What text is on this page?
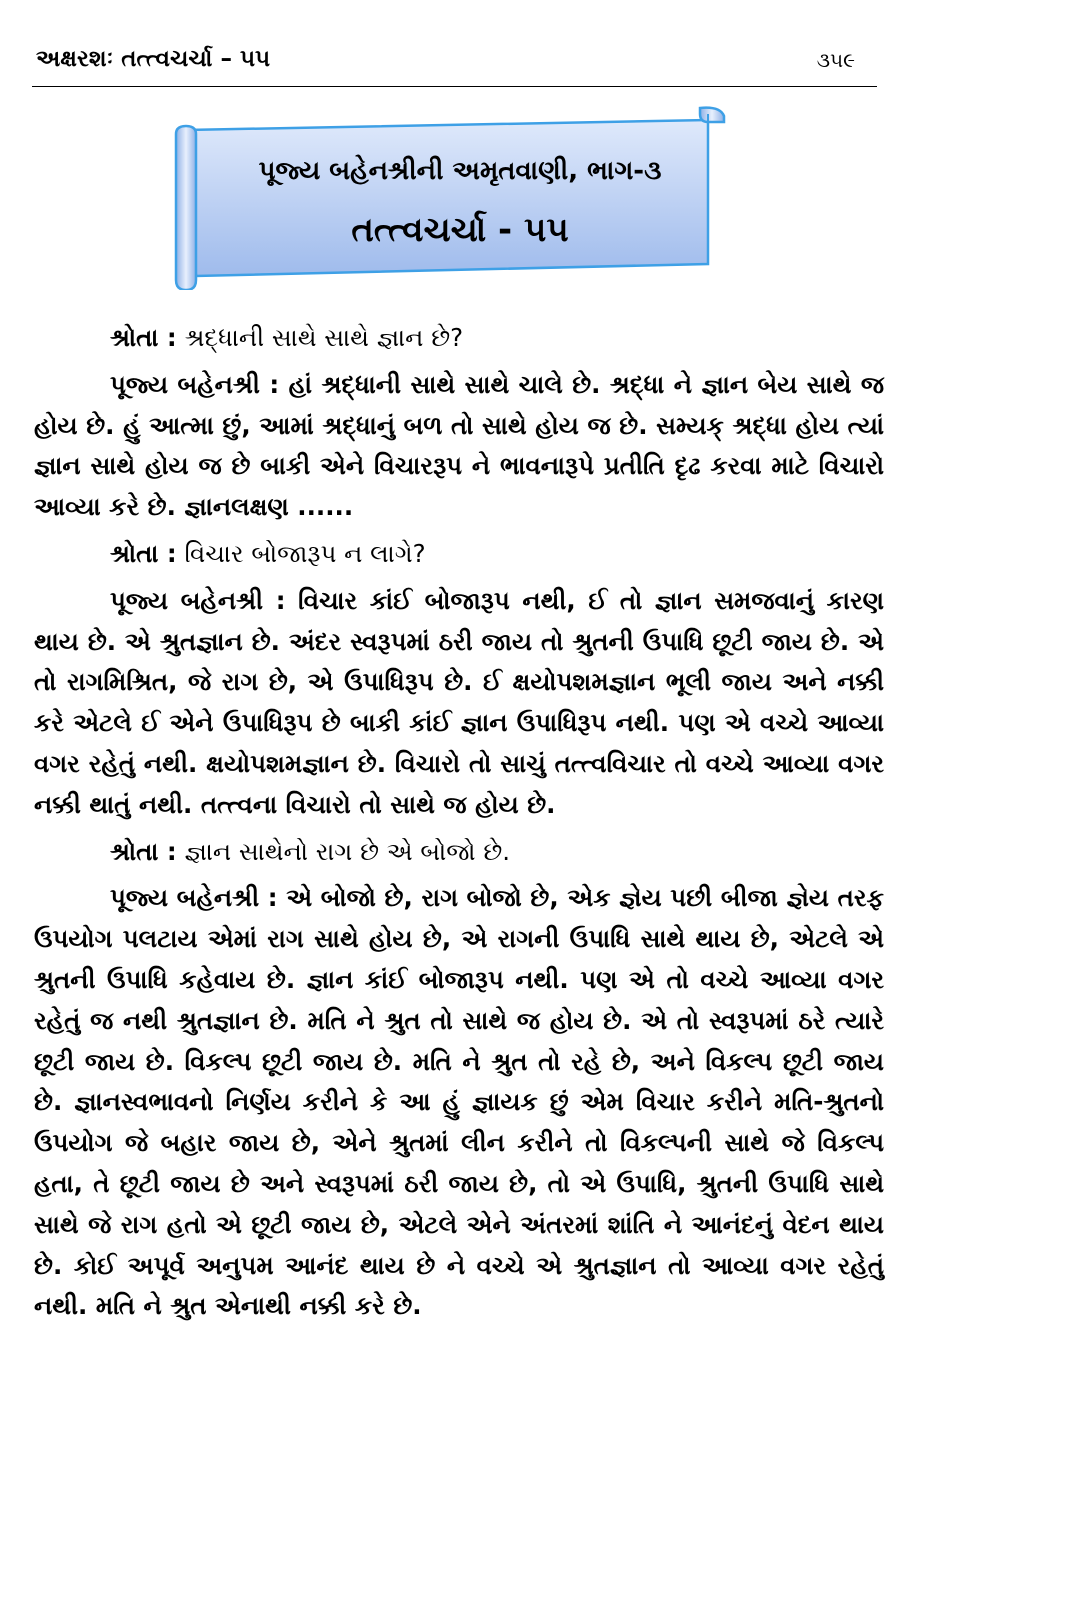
અક્ષરશઃ તત્ત્વચર્ચા – ૫૫	૩૫૯
પૂજ્ય બહેનશ્રીની અમૃતવાણી, ભાગ-૩
તત્ત્વચર્ચા - ૫૫

શ્રોતા : શ્રદ્ધાની સાથે સાથે જ્ઞાન છે?

પૂજ્ય બહેનશ્રી : હાં શ્રદ્ધાની સાથે સાથે ચાલે છે. શ્રદ્ધા ને જ્ઞાન બેય સાથે જ હોય છે. હું આત્મા છું, આમાં શ્રદ્ધાનું બળ તો સાથે હોય જ છે. સમ્યક્ શ્રદ્ધા હોય ત્યાં જ્ઞાન સાથે હોય જ છે બાકી એને વિચારરૂપ ને ભાવનારૂપે પ્રતીતિ દૃઢ કરવા માટે વિચારો આવ્યા કરે છે. જ્ઞાનલક્ષણ ......

શ્રોતા : વિચાર બોજારૂપ ન લાગે?

પૂજ્ય બહેનશ્રી : વિચાર કાંઈ બોજારૂપ નથી, ઈ તો જ્ઞાન સમજવાનું કારણ થાય છે. એ શ્રુતજ્ઞાન છે. અંદર સ્વરૂપમાં ઠરી જાય તો શ્રુતની ઉપાધિ છૂટી જાય છે. એ તો રાગમિશ્રિત, જે રાગ છે, એ ઉપાધિરૂપ છે. ઈ ક્ષયોપશમજ્ઞાન ભૂલી જાય અને નક્કી કરે એટલે ઈ એને ઉપાધિરૂપ છે બાકી કાંઈ જ્ઞાન ઉપાધિરૂપ નથી. પણ એ વચ્ચે આવ્યા વગર રહેતું નથી. ક્ષયોપશમજ્ઞાન છે. વિચારો તો સાચું તત્ત્વવિચાર તો વચ્ચે આવ્યા વગર નક્કી થાતું નથી. તત્ત્વના વિચારો તો સાથે જ હોય છે.

શ્રોતા : જ્ઞાન સાથેનો રાગ છે એ બોજો છે.

પૂજ્ય બહેનશ્રી : એ બોજો છે, રાગ બોજો છે, એક જ્ઞેય પછી બીજા જ્ઞેય તરફ ઉપયોગ પલટાય એમાં રાગ સાથે હોય છે, એ રાગની ઉપાધિ સાથે થાય છે, એટલે એ શ્રુતની ઉપાધિ કહેવાય છે. જ્ઞાન કાંઈ બોજારૂપ નથી. પણ એ તો વચ્ચે આવ્યા વગર રહેતું જ નથી શ્રુતજ્ઞાન છે. મતિ ને શ્રુત તો સાથે જ હોય છે. એ તો સ્વરૂપમાં ઠરે ત્યારે છૂટી જાય છે. વિકલ્પ છૂટી જાય છે. મતિ ને શ્રુત તો રહે છે, અને વિકલ્પ છૂટી જાય છે. જ્ઞાનસ્વભાવનો નિર્ણય કરીને કે આ હું જ્ઞાયક છું એમ વિચાર કરીને મતિ-શ્રુતનો ઉપયોગ જે બહાર જાય છે, એને શ્રુતમાં લીન કરીને તો વિકલ્પની સાથે જે વિકલ્પ હતા, તે છૂટી જાય છે અને સ્વરૂપમાં ઠરી જાય છે, તો એ ઉપાધિ, શ્રુતની ઉપાધિ સાથે સાથે જે રાગ હતો એ છૂટી જાય છે, એટલે એને અંતરમાં શાંતિ ને આનંદનું વેદન થાય છે. કોઈ અપૂર્વ અનુપમ આનંદ થાય છે ને વચ્ચે એ શ્રુતજ્ઞાન તો આવ્યા વગર રહેતું નથી. મતિ ને શ્રુત એનાથી નક્કી કરે છે.
